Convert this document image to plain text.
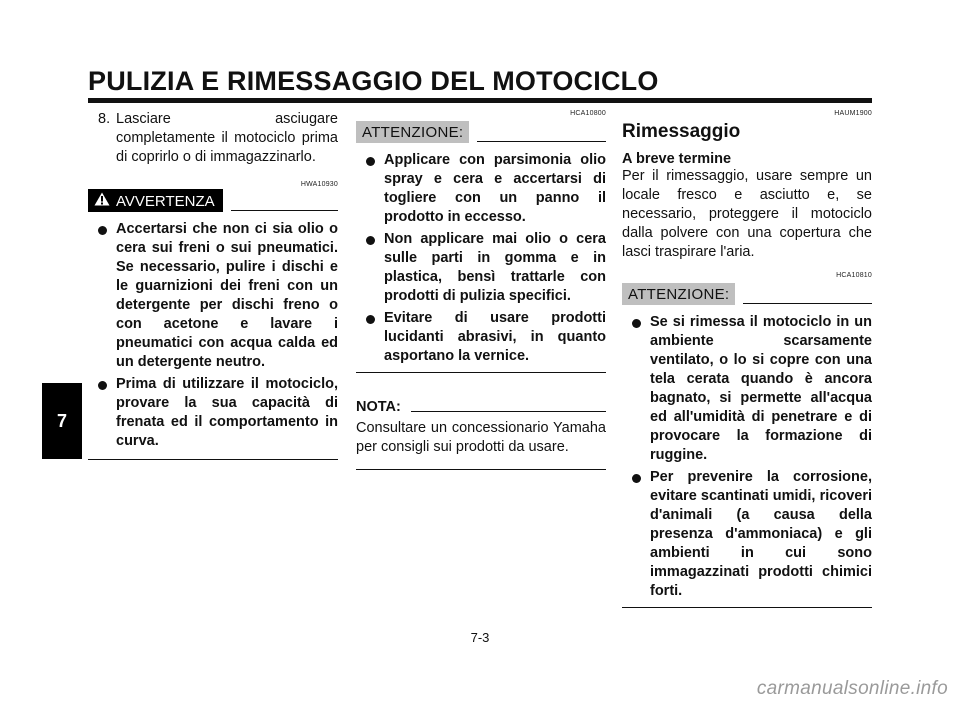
PULIZIA E RIMESSAGGIO DEL MOTOCICLO
7
8. Lasciare asciugare completamente il motociclo prima di coprirlo o di immagazzinarlo.
HWA10930
AVVERTENZA
Accertarsi che non ci sia olio o cera sui freni o sui pneumatici. Se necessario, pulire i dischi e le guarnizioni dei freni con un detergente per dischi freno o con acetone e lavare i pneumatici con acqua calda ed un detergente neutro.
Prima di utilizzare il motociclo, provare la sua capacità di frenata ed il comportamento in curva.
HCA10800
ATTENZIONE:
Applicare con parsimonia olio spray e cera e accertarsi di togliere con un panno il prodotto in eccesso.
Non applicare mai olio o cera sulle parti in gomma e in plastica, bensì trattarle con prodotti di pulizia specifici.
Evitare di usare prodotti lucidanti abrasivi, in quanto asportano la vernice.
NOTA:
Consultare un concessionario Yamaha per consigli sui prodotti da usare.
HAUM1900
Rimessaggio
A breve termine
Per il rimessaggio, usare sempre un locale fresco e asciutto e, se necessario, proteggere il motociclo dalla polvere con una copertura che lasci traspirare l'aria.
HCA10810
ATTENZIONE:
Se si rimessa il motociclo in un ambiente scarsamente ventilato, o lo si copre con una tela cerata quando è ancora bagnato, si permette all'acqua ed all'umidità di penetrare e di provocare la formazione di ruggine.
Per prevenire la corrosione, evitare scantinati umidi, ricoveri d'animali (a causa della presenza d'ammoniaca) e gli ambienti in cui sono immagazzinati prodotti chimici forti.
7-3
carmanualsonline.info
